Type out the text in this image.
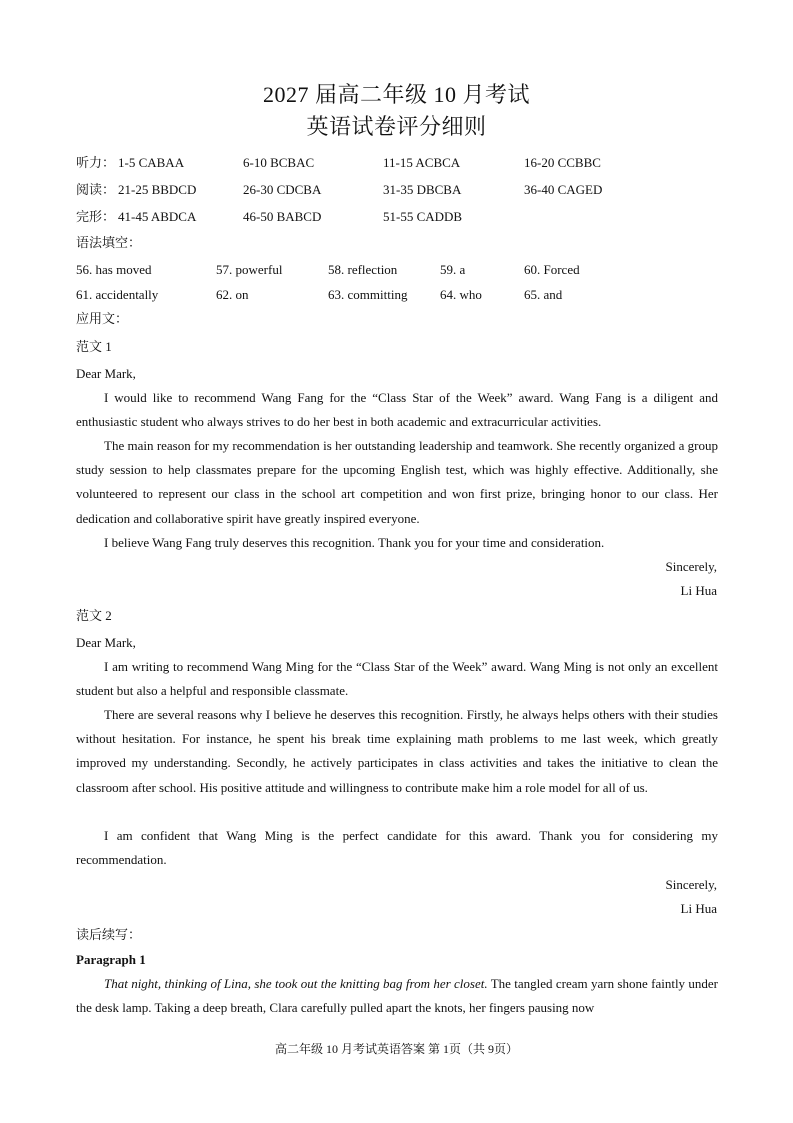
2027 届高二年级 10 月考试
英语试卷评分细则
听力： 1-5 CABAA	6-10 BCBAC	11-15 ACBCA	16-20 CCBBC
阅读： 21-25 BBDCD	26-30 CDCBA	31-35 DBCBA	36-40 CAGED
完形： 41-45 ABDCA	46-50 BABCD	51-55 CADDB
语法填空：
56. has moved	57. powerful	58. reflection	59. a	60. Forced
61. accidentally	62. on	63. committing	64. who	65. and
应用文：
范文 1
Dear Mark,

I would like to recommend Wang Fang for the “Class Star of the Week” award. Wang Fang is a diligent and enthusiastic student who always strives to do her best in both academic and extracurricular activities.

The main reason for my recommendation is her outstanding leadership and teamwork. She recently organized a group study session to help classmates prepare for the upcoming English test, which was highly effective. Additionally, she volunteered to represent our class in the school art competition and won first prize, bringing honor to our class. Her dedication and collaborative spirit have greatly inspired everyone.

I believe Wang Fang truly deserves this recognition. Thank you for your time and consideration.

Sincerely,
Li Hua
范文 2
Dear Mark,

I am writing to recommend Wang Ming for the “Class Star of the Week” award. Wang Ming is not only an excellent student but also a helpful and responsible classmate.

There are several reasons why I believe he deserves this recognition. Firstly, he always helps others with their studies without hesitation. For instance, he spent his break time explaining math problems to me last week, which greatly improved my understanding. Secondly, he actively participates in class activities and takes the initiative to clean the classroom after school. His positive attitude and willingness to contribute make him a role model for all of us.

I am confident that Wang Ming is the perfect candidate for this award. Thank you for considering my recommendation.

Sincerely,
Li Hua
读后续写：
Paragraph 1

That night, thinking of Lina, she took out the knitting bag from her closet. The tangled cream yarn shone faintly under the desk lamp. Taking a deep breath, Clara carefully pulled apart the knots, her fingers pausing now

高二年级 10 月考试英语答案 第 1页（共 9页）
